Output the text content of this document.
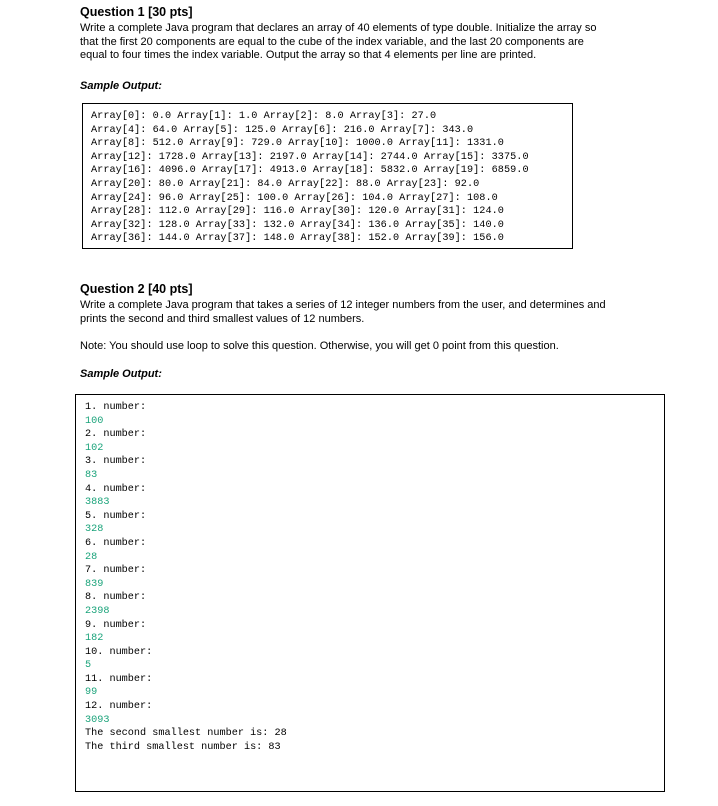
Question 1 [30 pts]

Write a complete Java program that declares an array of 40 elements of type double. Initialize the array so

that the first 20 components are equal to the cube of the index variable, and the last 20 components are

equal to four times the index variable. Output the array so that 4 elements per line are printed.

Sample Output:
Array[0]: 0.0 Array[1]: 1.0 Array[2]: 8.0 Array[3]: 27.0
Array[4]: 64.0 Array[5]: 125.0 Array[6]: 216.0 Array[7]: 343.0
Array[8]: 512.0 Array[9]: 729.0 Array[10]: 1000.0 Array[11]: 1331.0
Array[12]: 1728.0 Array[13]: 2197.0 Array[14]: 2744.0 Array[15]: 3375.0
Array[16]: 4096.0 Array[17]: 4913.0 Array[18]: 5832.0 Array[19]: 6859.0
Array[20]: 80.0 Array[21]: 84.0 Array[22]: 88.0 Array[23]: 92.0
Array[24]: 96.0 Array[25]: 100.0 Array[26]: 104.0 Array[27]: 108.0
Array[28]: 112.0 Array[29]: 116.0 Array[30]: 120.0 Array[31]: 124.0
Array[32]: 128.0 Array[33]: 132.0 Array[34]: 136.0 Array[35]: 140.0
Array[36]: 144.0 Array[37]: 148.0 Array[38]: 152.0 Array[39]: 156.0
Question 2 [40 pts]

Write a complete Java program that takes a series of 12 integer numbers from the user, and determines and

prints the second and third smallest values of 12 numbers.

Note: You should use loop to solve this question. Otherwise, you will get 0 point from this question.

Sample Output:
1. number:
100
2. number:
102
3. number:
83
4. number:
3883
5. number:
328
6. number:
28
7. number:
839
8. number:
2398
9. number:
182
10. number:
5
11. number:
99
12. number:
3093
The second smallest number is: 28
The third smallest number is: 83
